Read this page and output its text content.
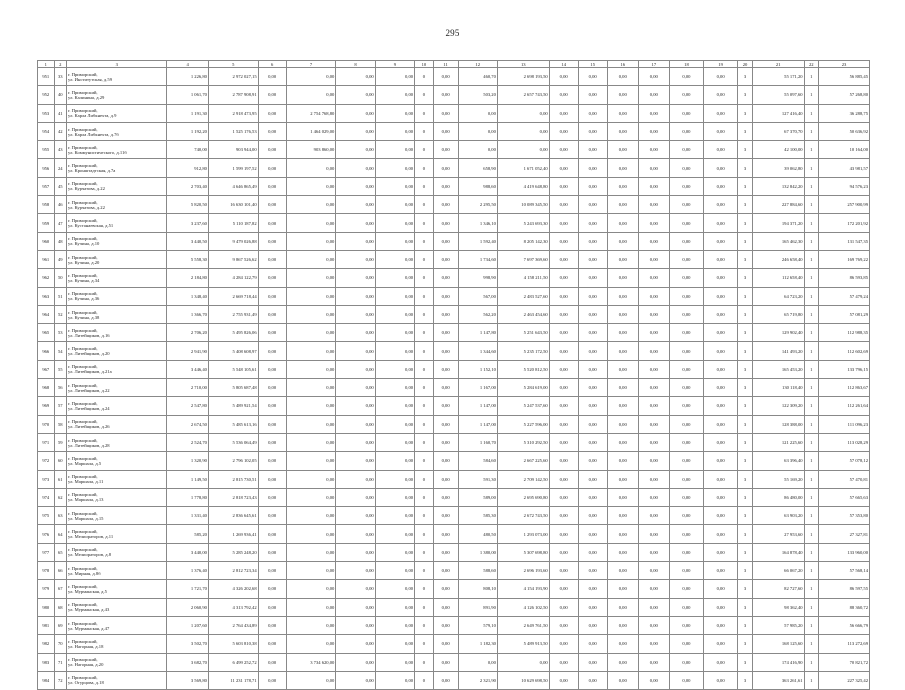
295
1	2	3	4	5	6	7	8	9	10	11	12	13	14	15	16	17	18	19	20	21	22	23
951	33	г. Приморский,
ул. Институтская, д.59	1 226,80	2 972 027,15	0,00	0,00	0,00	0,00	0	0,00	460,70	2 698 193,50	0,00	0,00	0,00	0,00	0,00	0,00	3	55 171,20	1	56 885,45
952	40	г. Приморский,
ул. Калинина, д.29	1 061,70	2 787 908,91	0,00	0,00	0,00	0,00	0	0,00	503,20	2 657 743,50	0,00	0,00	0,00	0,00	0,00	0,00	3	55 097,60	1	57 268,80
953	41	г. Приморский,
ул. Карла Либкнехта, д.9	1 191,30	2 918 473,95	0,00	2 754 768,80	0,00	0,00	0	0,00	0,00	0,00	0,00	0,00	0,00	0,00	0,00	0,00	3	127 416,40	1	36 288,75
954	42	г. Приморский,
ул. Карла Либкнехта, д.7б	1 192,20	1 525 176,53	0,00	1 464 029,00	0,00	0,00	0	0,00	0,00	0,00	0,00	0,00	0,00	0,00	0,00	0,00	3	67 370,70	1	50 636,92
955	43	г. Приморский,
ул. Коммунистического, д.11б	740,00	903 944,00	0,00	903 860,00	0,00	0,00	0	0,00	0,00	0,00	0,00	0,00	0,00	0,00	0,00	0,00	3	42 100,00	1	10 164,00
956	24	г. Приморский,
ул. Кронштадтская, д.7а	912,80	1 599 197,52	0,00	0,00	0,00	0,00	0	0,00	658,90	1 671 052,40	0,00	0,00	0,00	0,00	0,00	0,00	3	39 062,80	1	43 981,57
957	45	г. Приморский,
ул. Курчатова, д.22	2 703,40	4 646 865,49	0,00	0,00	0,00	0,00	0	0,00	988,60	4 419 648,80	0,00	0,00	0,00	0,00	0,00	0,00	3	132 842,20	1	94 576,23
958	46	г. Приморский,
ул. Курчатова, д.22	5 820,50	16 630 101,40	0,00	0,00	0,00	0,00	0	0,00	2 295,50	10 089 345,50	0,00	0,00	0,00	0,00	0,00	0,00	3	227 884,60	1	257 900,99
959	47	г. Приморский,
ул. Кустанаевская, д.51	3 237,60	5 110 187,82	0,00	0,00	0,00	0,00	0	0,00	1 346,10	5 243 693,30	0,00	0,00	0,00	0,00	0,00	0,00	3	194 371,20	1	172 201,92
960	48	г. Приморский,
ул. Кучина, д.10	3 440,50	9 479 026,88	0,00	0,00	0,00	0,00	0	0,00	1 592,40	8 205 142,30	0,00	0,00	0,00	0,00	0,00	0,00	3	165 462,30	1	131 547,35
961	49	г. Приморский,
ул. Кучина, д.20	5 558,30	9 867 526,62	0,00	0,00	0,00	0,00	0	0,00	1 734,60	7 697 369,60	0,00	0,00	0,00	0,00	0,00	0,00	3	246 658,40	1	169 769,22
962	50	г. Приморский,
ул. Кучина, д.34	2 184,80	4 284 122,79	0,00	0,00	0,00	0,00	0	0,00	998,90	4 158 211,50	0,00	0,00	0,00	0,00	0,00	0,00	3	112 658,40	1	86 593,85
963	51	г. Приморский,
ул. Кучина, д.36	1 348,40	2 669 718,44	0,00	0,00	0,00	0,00	0	0,00	567,00	2 483 527,60	0,00	0,00	0,00	0,00	0,00	0,00	3	64 723,20	1	57 479,24
964	52	г. Приморский,
ул. Кучина, д.38	1 366,70	2 755 931,49	0,00	0,00	0,00	0,00	0	0,00	562,20	2 463 454,60	0,00	0,00	0,00	0,00	0,00	0,00	3	65 719,80	1	57 081,29
965	53	г. Приморский,
ул. Литейщиков, д.16	2 706,20	5 495 826,06	0,00	0,00	0,00	0,00	0	0,00	1 147,80	5 251 643,50	0,00	0,00	0,00	0,00	0,00	0,00	3	129 902,40	1	112 988,35
966	54	г. Приморский,
ул. Литейщиков, д.20	2 941,90	5 408 608,97	0,00	0,00	0,00	0,00	0	0,00	1 344,60	5 235 172,50	0,00	0,00	0,00	0,00	0,00	0,00	3	141 493,20	1	112 602,69
967	55	г. Приморский,
ул. Литейщиков, д.21а	3 446,40	5 548 105,61	0,00	0,00	0,00	0,00	0	0,00	1 152,10	5 520 812,50	0,00	0,00	0,00	0,00	0,00	0,00	3	165 453,20	1	133 796,15
968	56	г. Приморский,
ул. Литейщиков, д.22	2 710,00	5 805 687,48	0,00	0,00	0,00	0,00	0	0,00	1 167,00	5 284 619,00	0,00	0,00	0,00	0,00	0,00	0,00	3	130 118,40	1	112 863,67
969	57	г. Приморский,
ул. Литейщиков, д.24	2 547,80	5 489 921,54	0,00	0,00	0,00	0,00	0	0,00	1 147,00	5 247 537,60	0,00	0,00	0,00	0,00	0,00	0,00	3	122 309,20	1	112 261,64
970	58	г. Приморский,
ул. Литейщиков, д.26	2 674,50	5 485 613,16	0,00	0,00	0,00	0,00	0	0,00	1 147,00	5 227 596,00	0,00	0,00	0,00	0,00	0,00	0,00	3	128 388,00	1	111 096,23
971	59	г. Приморский,
ул. Литейщиков, д.28	2 524,70	5 536 064,49	0,00	0,00	0,00	0,00	0	0,00	1 160,70	5 310 292,50	0,00	0,00	0,00	0,00	0,00	0,00	3	121 225,60	1	113 028,29
972	60	г. Приморский,
ул. Маршала, д.5	1 320,90	2 796 102,05	0,00	0,00	0,00	0,00	0	0,00	584,60	2 667 225,60	0,00	0,00	0,00	0,00	0,00	0,00	3	63 396,40	1	57 078,12
973	61	г. Приморский,
ул. Маршала, д.11	1 149,50	2 815 730,51	0,00	0,00	0,00	0,00	0	0,00	591,30	2 709 142,50	0,00	0,00	0,00	0,00	0,00	0,00	3	55 169,20	1	57 470,81
974	62	г. Приморский,
ул. Маршала, д.13	1 778,80	2 818 723,43	0,00	0,00	0,00	0,00	0	0,00	589,00	2 695 690,80	0,00	0,00	0,00	0,00	0,00	0,00	3	86 480,00	1	57 665,63
975	63	г. Приморский,
ул. Маршала, д.15	1 331,40	2 836 645,61	0,00	0,00	0,00	0,00	0	0,00	585,30	2 672 743,50	0,00	0,00	0,00	0,00	0,00	0,00	3	63 903,20	1	57 353,80
976	64	г. Приморский,
ул. Мелиораторов, д.11	585,20	1 269 936,41	0,00	0,00	0,00	0,00	0	0,00	480,50	1 293 073,00	0,00	0,00	0,00	0,00	0,00	0,00	3	27 953,60	1	27 327,81
977	65	г. Приморский,
ул. Мелиораторов, д.8	3 440,00	5 285 248,20	0,00	0,00	0,00	0,00	0	0,00	1 380,00	5 307 698,80	0,00	0,00	0,00	0,00	0,00	0,00	3	164 878,40	1	133 960,00
978	66	г. Приморский,
ул. Мирная, д.8б	1 376,40	2 812 723,34	0,00	0,00	0,00	0,00	0	0,00	588,60	2 696 193,60	0,00	0,00	0,00	0,00	0,00	0,00	3	66 067,20	1	57 568,14
979	67	г. Приморский,
ул. Мурманская, д.5	1 721,70	4 326 202,68	0,00	0,00	0,00	0,00	0	0,00	808,10	4 154 193,90	0,00	0,00	0,00	0,00	0,00	0,00	3	82 727,60	1	86 597,55
980	68	г. Приморский,
ул. Мурманская, д.43	2 060,90	4 313 792,42	0,00	0,00	0,00	0,00	0	0,00	891,90	4 126 102,50	0,00	0,00	0,00	0,00	0,00	0,00	3	98 362,40	1	88 360,72
981	69	г. Приморский,
ул. Мурманская, д.47	1 207,60	2 764 434,89	0,00	0,00	0,00	0,00	0	0,00	579,10	2 649 761,50	0,00	0,00	0,00	0,00	0,00	0,00	3	57 985,20	1	56 666,79
982	70	г. Приморский,
ул. Нагорная, д.18	3 502,70	5 603 810,38	0,00	0,00	0,00	0,00	0	0,00	1 182,30	5 489 913,50	0,00	0,00	0,00	0,00	0,00	0,00	3	168 125,60	1	113 272,69
983	71	г. Приморский,
ул. Нагорная, д.20	3 682,70	6 499 252,72	0,00	3 734 620,00	0,00	0,00	0	0,00	0,00	0,00	0,00	0,00	0,00	0,00	0,00	0,00	3	174 416,90	1	70 821,72
984	72	г. Приморский,
ул. Огурцова, д.18	3 569,80	11 231 178,71	0,00	0,00	0,00	0,00	0	0,00	2 321,90	10 629 698,50	0,00	0,00	0,00	0,00	0,00	0,00	3	363 261,61	1	227 325,42
